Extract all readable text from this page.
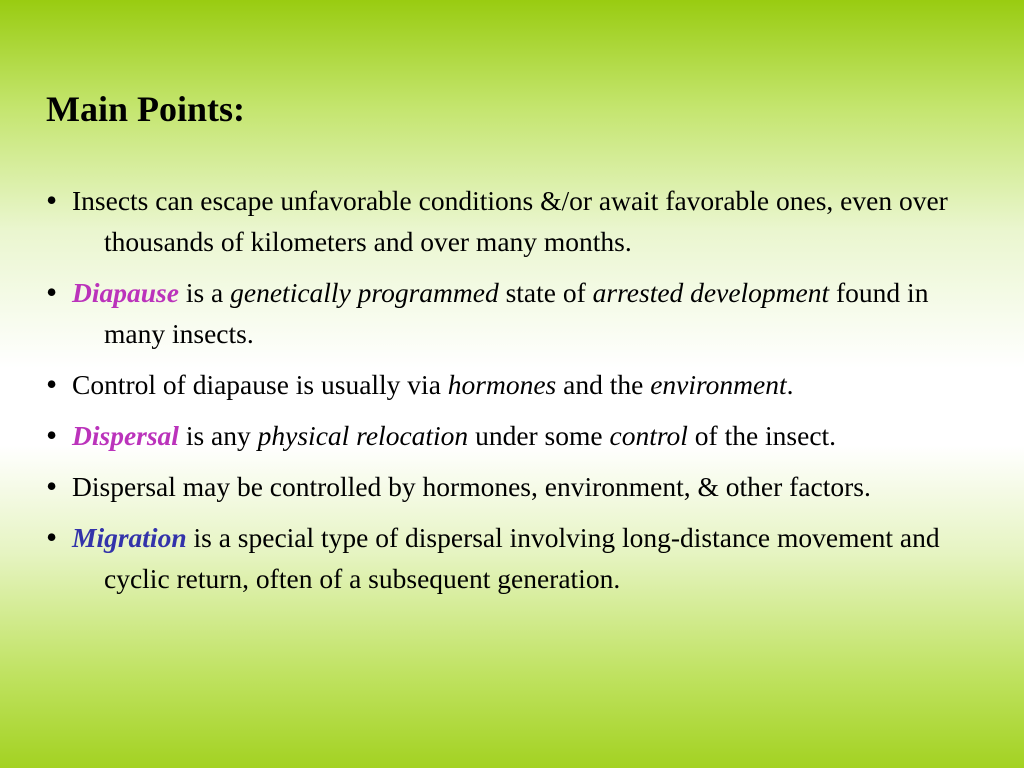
Main Points:
• Insects can escape unfavorable conditions &/or await favorable ones, even over thousands of kilometers and over many months.
• Diapause is a genetically programmed state of arrested development found in many insects.
• Control of diapause is usually via hormones and the environment.
• Dispersal is any physical relocation under some control of the insect.
• Dispersal may be controlled by hormones, environment, & other factors.
• Migration is a special type of dispersal involving long-distance movement and cyclic return, often of a subsequent generation.
